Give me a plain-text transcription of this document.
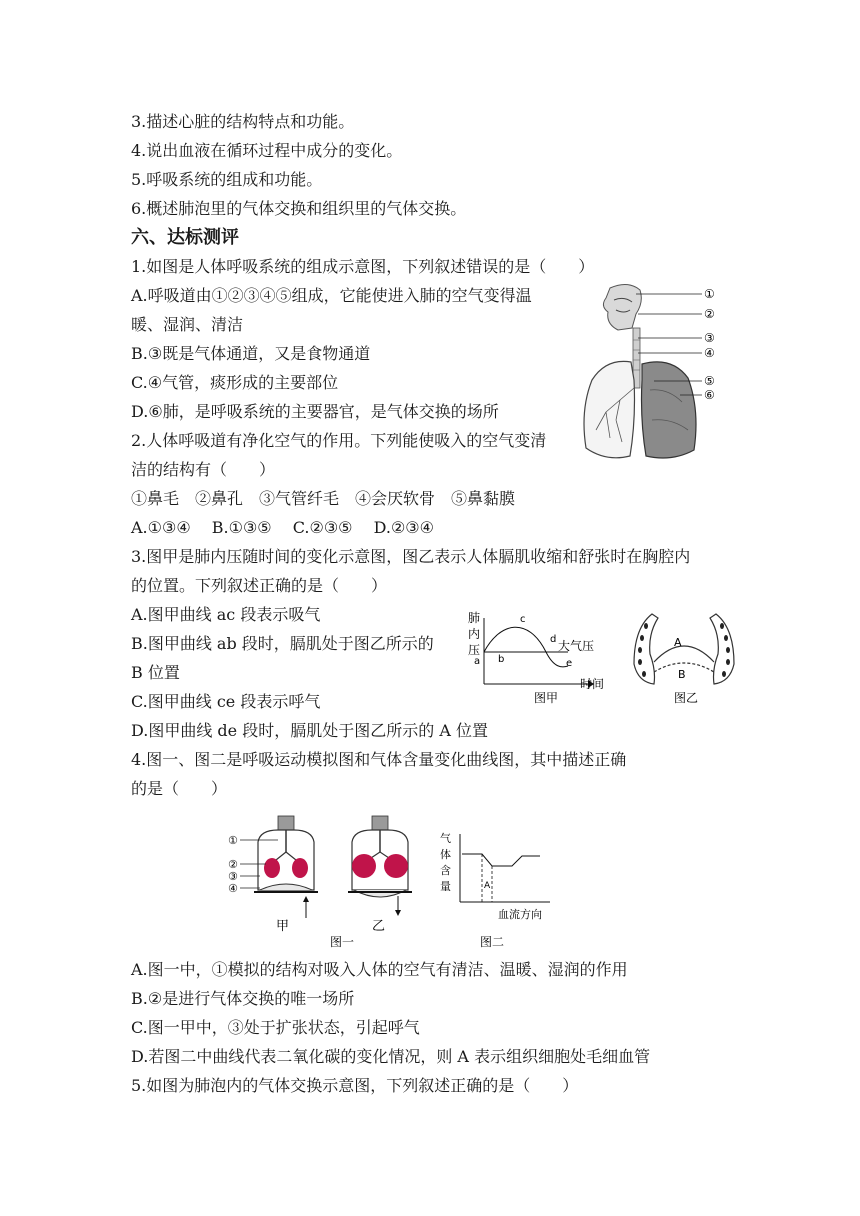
3.描述心脏的结构特点和功能。
4.说出血液在循环过程中成分的变化。
5.呼吸系统的组成和功能。
6.概述肺泡里的气体交换和组织里的气体交换。
六、达标测评
1.如图是人体呼吸系统的组成示意图，下列叙述错误的是（　　）
A.呼吸道由①②③④⑤组成，它能使进入肺的空气变得温
暖、湿润、清洁
B.③既是气体通道，又是食物通道
C.④气管，痰形成的主要部位
D.⑥肺，是呼吸系统的主要器官，是气体交换的场所
①
②
③
④
⑤
⑥
2.人体呼吸道有净化空气的作用。下列能使吸入的空气变清
洁的结构有（　　）
①鼻毛　②鼻孔　③气管纤毛　④会厌软骨　⑤鼻黏膜
A.①③④　 B.①③⑤　 C.②③⑤　 D.②③④
3.图甲是肺内压随时间的变化示意图，图乙表示人体膈肌收缩和舒张时在胸腔内
的位置。下列叙述正确的是（　　）
A.图甲曲线 ac 段表示吸气
B.图甲曲线 ab 段时，膈肌处于图乙所示的
B 位置
C.图甲曲线 ce 段表示呼气
D.图甲曲线 de 段时，膈肌处于图乙所示的 A 位置
肺
内
压
a b
c
d
e
大气压
时间
图甲
A
B
图乙
4.图一、图二是呼吸运动模拟图和气体含量变化曲线图，其中描述正确
的是（　　）
①
②
③
④
甲	乙
图一
气
体
含
量	A
血流方向
图二
A.图一中，①模拟的结构对吸入人体的空气有清洁、温暖、湿润的作用
B.②是进行气体交换的唯一场所
C.图一甲中，③处于扩张状态，引起呼气
D.若图二中曲线代表二氧化碳的变化情况，则 A 表示组织细胞处毛细血管
5.如图为肺泡内的气体交换示意图，下列叙述正确的是（　　）
